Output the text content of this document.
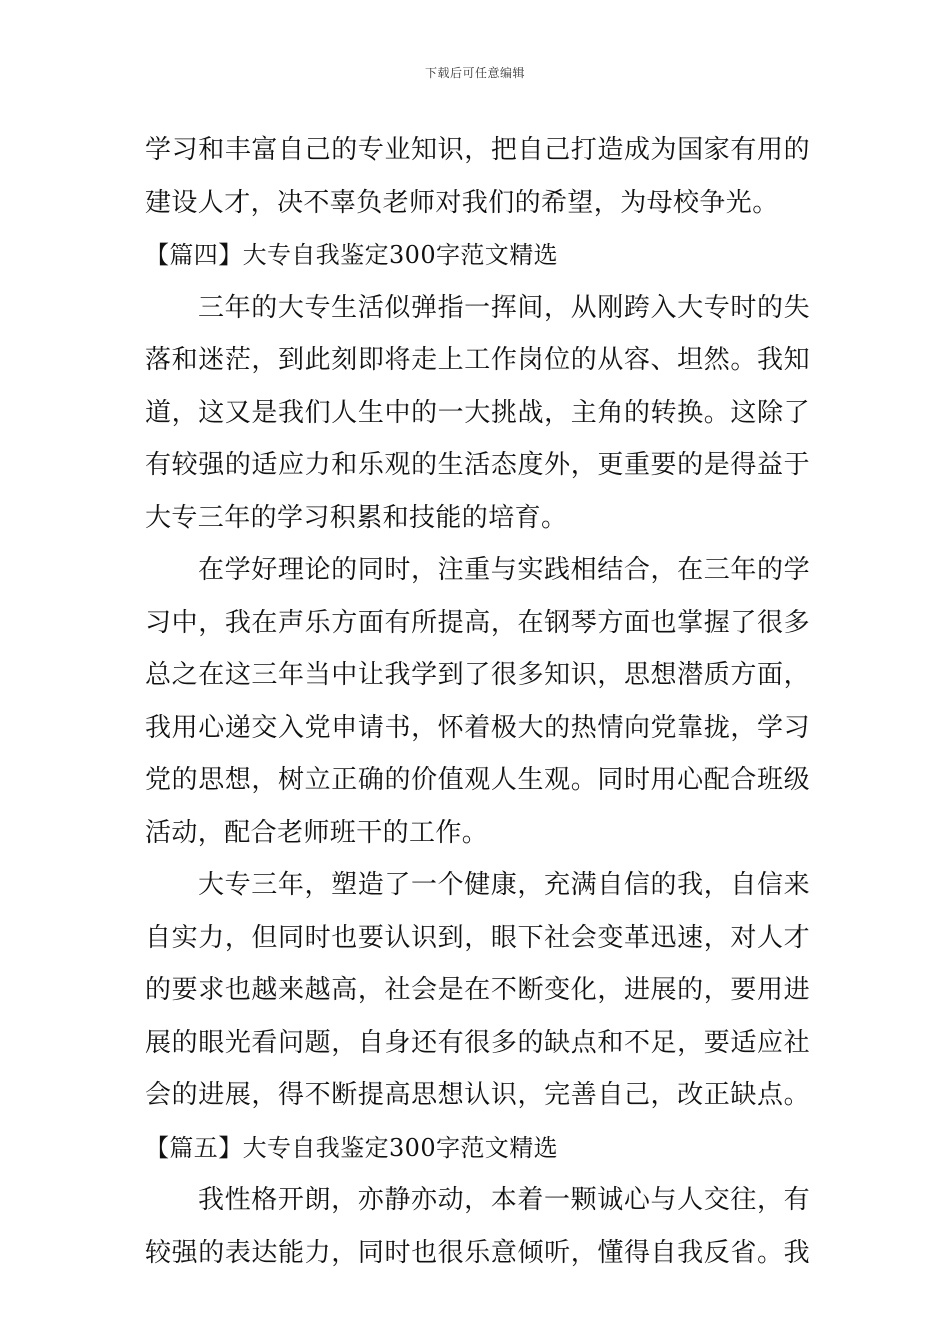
下载后可任意编辑
学习和丰富自己的专业知识，把自己打造成为国家有用的
建设人才，决不辜负老师对我们的希望，为母校争光。
【篇四】大专自我鉴定300字范文精选
三年的大专生活似弹指一挥间，从刚跨入大专时的失
落和迷茫，到此刻即将走上工作岗位的从容、坦然。我知
道，这又是我们人生中的一大挑战，主角的转换。这除了
有较强的适应力和乐观的生活态度外，更重要的是得益于
大专三年的学习积累和技能的培育。
在学好理论的同时，注重与实践相结合，在三年的学
习中，我在声乐方面有所提高，在钢琴方面也掌握了很多
总之在这三年当中让我学到了很多知识，思想潜质方面，
我用心递交入党申请书，怀着极大的热情向党靠拢，学习
党的思想，树立正确的价值观人生观。同时用心配合班级
活动，配合老师班干的工作。
大专三年，塑造了一个健康，充满自信的我，自信来
自实力，但同时也要认识到，眼下社会变革迅速，对人才
的要求也越来越高，社会是在不断变化，进展的，要用进
展的眼光看问题，自身还有很多的缺点和不足，要适应社
会的进展，得不断提高思想认识，完善自己，改正缺点。
【篇五】大专自我鉴定300字范文精选
我性格开朗，亦静亦动，本着一颗诚心与人交往，有
较强的表达能力，同时也很乐意倾听，懂得自我反省。我
